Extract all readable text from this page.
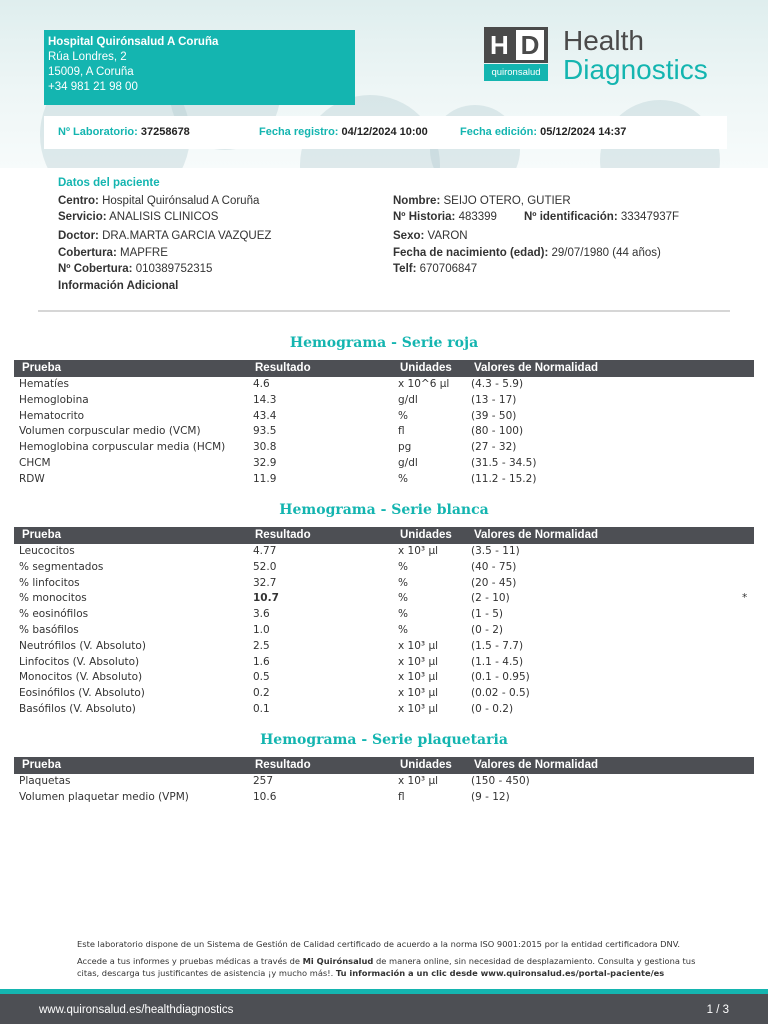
Hospital Quirónsalud A Coruña
Rúa Londres, 2
15009, A Coruña
+34 981 21 98 00
H D
quironsalud
Health
Diagnostics
Nº Laboratorio: 37258678	Fecha registro: 04/12/2024 10:00	Fecha edición: 05/12/2024 14:37
Datos del paciente
Centro: Hospital Quirónsalud A Coruña
Servicio: ANALISIS CLINICOS
Doctor: DRA.MARTA GARCIA VAZQUEZ
Cobertura: MAPFRE
Nº Cobertura: 010389752315
Información Adicional
Nombre: SEIJO OTERO, GUTIER
Nº Historia: 483399 Nº identificación: 33347937F
Sexo: VARON
Fecha de nacimiento (edad): 29/07/1980 (44 años)
Telf: 670706847
Hemograma - Serie roja
Prueba	Resultado	Unidades Valores de Normalidad
Hematíes	4.6	x 10^6 µl (4.3 - 5.9)
Hemoglobina	14.3	g/dl	(13 - 17)
Hematocrito	43.4	%	(39 - 50)
Volumen corpuscular medio (VCM)	93.5	fl	(80 - 100)
Hemoglobina corpuscular media (HCM)	30.8	pg	(27 - 32)
CHCM	32.9	g/dl	(31.5 - 34.5)
RDW	11.9	%	(11.2 - 15.2)
Hemograma - Serie blanca
Prueba	Resultado	Unidades Valores de Normalidad
Leucocitos	4.77	x 10³ µl	(3.5 - 11)
% segmentados	52.0	%	(40 - 75)
% linfocitos	32.7	%	(20 - 45)
% monocitos	10.7	%	(2 - 10)	*
% eosinófilos	3.6	%	(1 - 5)
% basófilos	1.0	%	(0 - 2)
Neutrófilos (V. Absoluto)	2.5	x 10³ µl	(1.5 - 7.7)
Linfocitos (V. Absoluto)	1.6	x 10³ µl	(1.1 - 4.5)
Monocitos (V. Absoluto)	0.5	x 10³ µl	(0.1 - 0.95)
Eosinófilos (V. Absoluto)	0.2	x 10³ µl	(0.02 - 0.5)
Basófilos (V. Absoluto)	0.1	x 10³ µl	(0 - 0.2)
Hemograma - Serie plaquetaria
Prueba	Resultado	Unidades Valores de Normalidad
Plaquetas	257	x 10³ µl	(150 - 450)
Volumen plaquetar medio (VPM)	10.6	fl	(9 - 12)
Este laboratorio dispone de un Sistema de Gestión de Calidad certificado de acuerdo a la norma ISO 9001:2015 por la entidad certificadora DNV.
Accede a tus informes y pruebas médicas a través de Mi Quirónsalud de manera online, sin necesidad de desplazamiento. Consulta y gestiona tus citas, descarga tus justificantes de asistencia ¡y mucho más!. Tu información a un clic desde www.quironsalud.es/portal-paciente/es
www.quironsalud.es/healthdiagnostics	1 / 3
